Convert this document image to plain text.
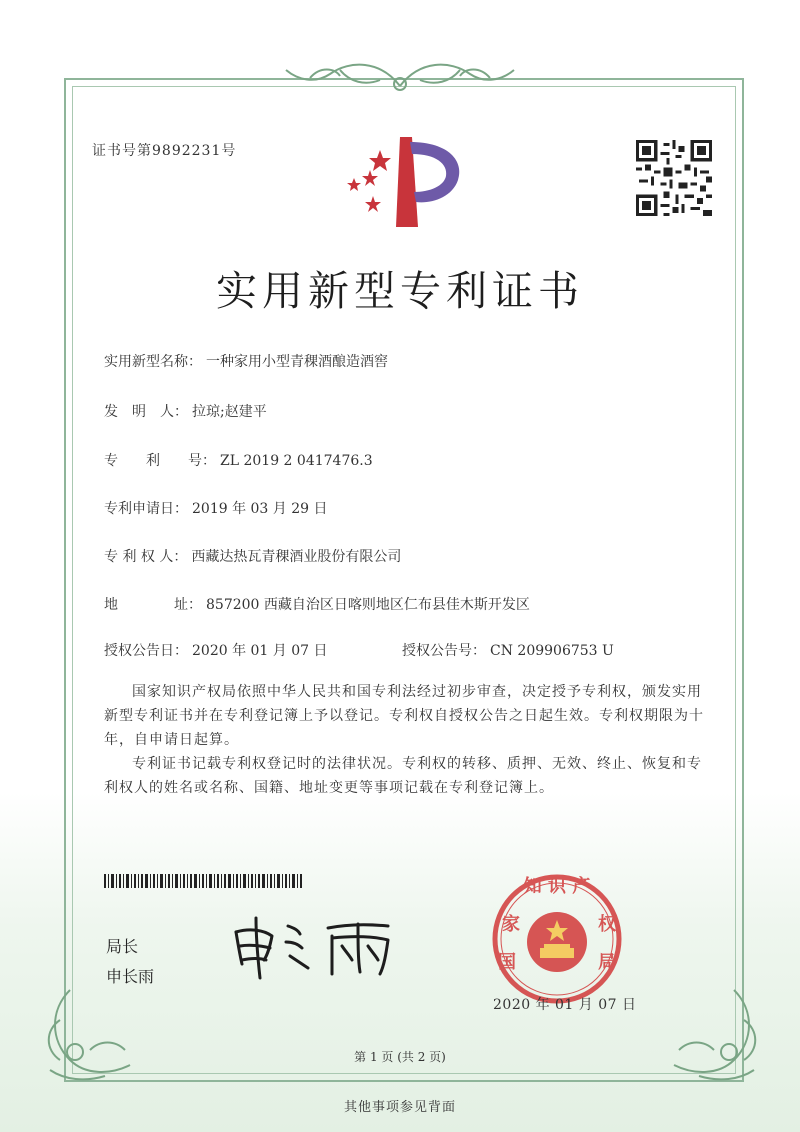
证书号第9892231号
实用新型专利证书
实用新型名称： 一种家用小型青稞酒酿造酒窖
发　明　人： 拉琼;赵建平
专　　利　　号： ZL 2019 2 0417476.3
专利申请日： 2019 年 03 月 29 日
专 利 权 人： 西藏达热瓦青稞酒业股份有限公司
地　　　　址： 857200 西藏自治区日喀则地区仁布县佳木斯开发区
授权公告日： 2020 年 01 月 07 日	授权公告号： CN 209906753 U
国家知识产权局依照中华人民共和国专利法经过初步审查，决定授予专利权，颁发实用新型专利证书并在专利登记簿上予以登记。专利权自授权公告之日起生效。专利权期限为十年，自申请日起算。
专利证书记载专利权登记时的法律状况。专利权的转移、质押、无效、终止、恢复和专利权人的姓名或名称、国籍、地址变更等事项记载在专利登记簿上。
局长
申长雨
知 识 产
家
国
权
局
2020 年 01 月 07 日
第 1 页 (共 2 页)
其他事项参见背面
